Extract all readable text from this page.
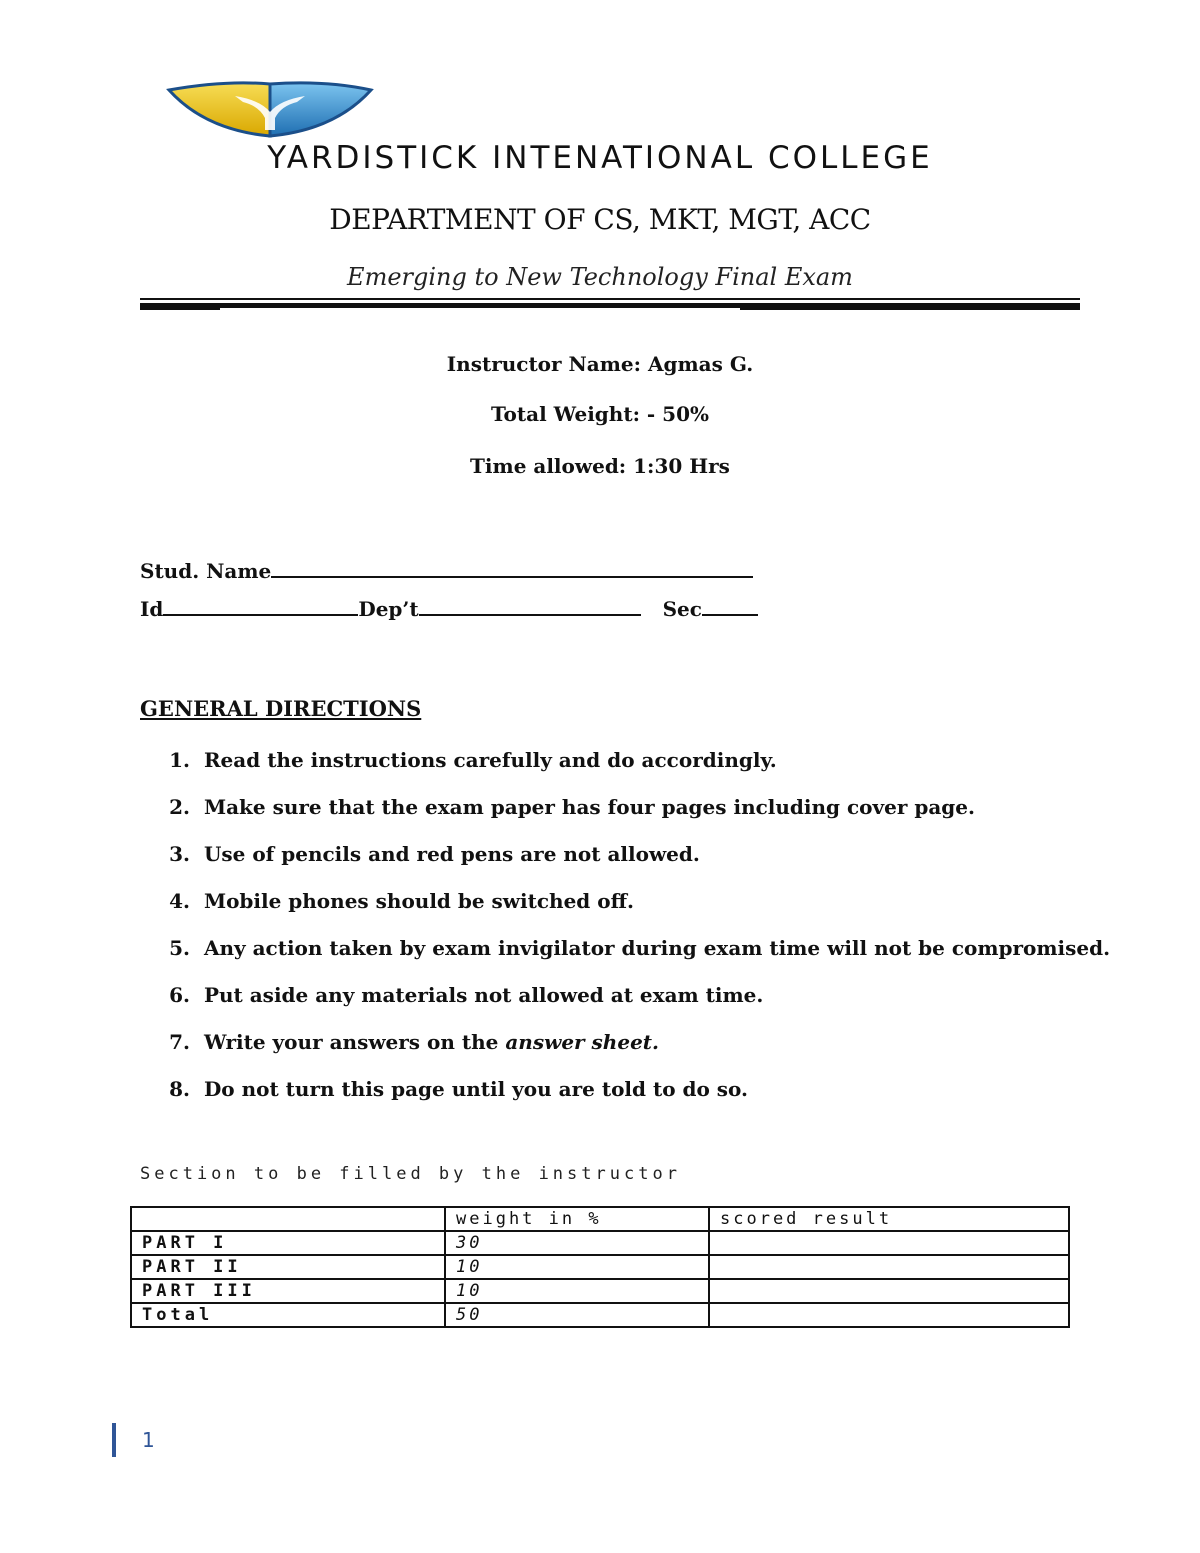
YARDISTICK INTENATIONAL COLLEGE
DEPARTMENT OF CS, MKT, MGT, ACC
Emerging to New Technology Final Exam
Instructor Name: Agmas G.
Total Weight: - 50%
Time allowed: 1:30 Hrs
Stud. Name
Id	Dep’t	Sec
GENERAL DIRECTIONS
1. Read the instructions carefully and do accordingly.
2. Make sure that the exam paper has four pages including cover page.
3. Use of pencils and red pens are not allowed.
4. Mobile phones should be switched off.
5. Any action taken by exam invigilator during exam time will not be compromised.
6. Put aside any materials not allowed at exam time.
7. Write your answers on the answer sheet.
8. Do not turn this page until you are told to do so.
Section to be filled by the instructor
	weight in %	scored result
PART I	30	
PART II	10	
PART III	10	
Total	50	
1
